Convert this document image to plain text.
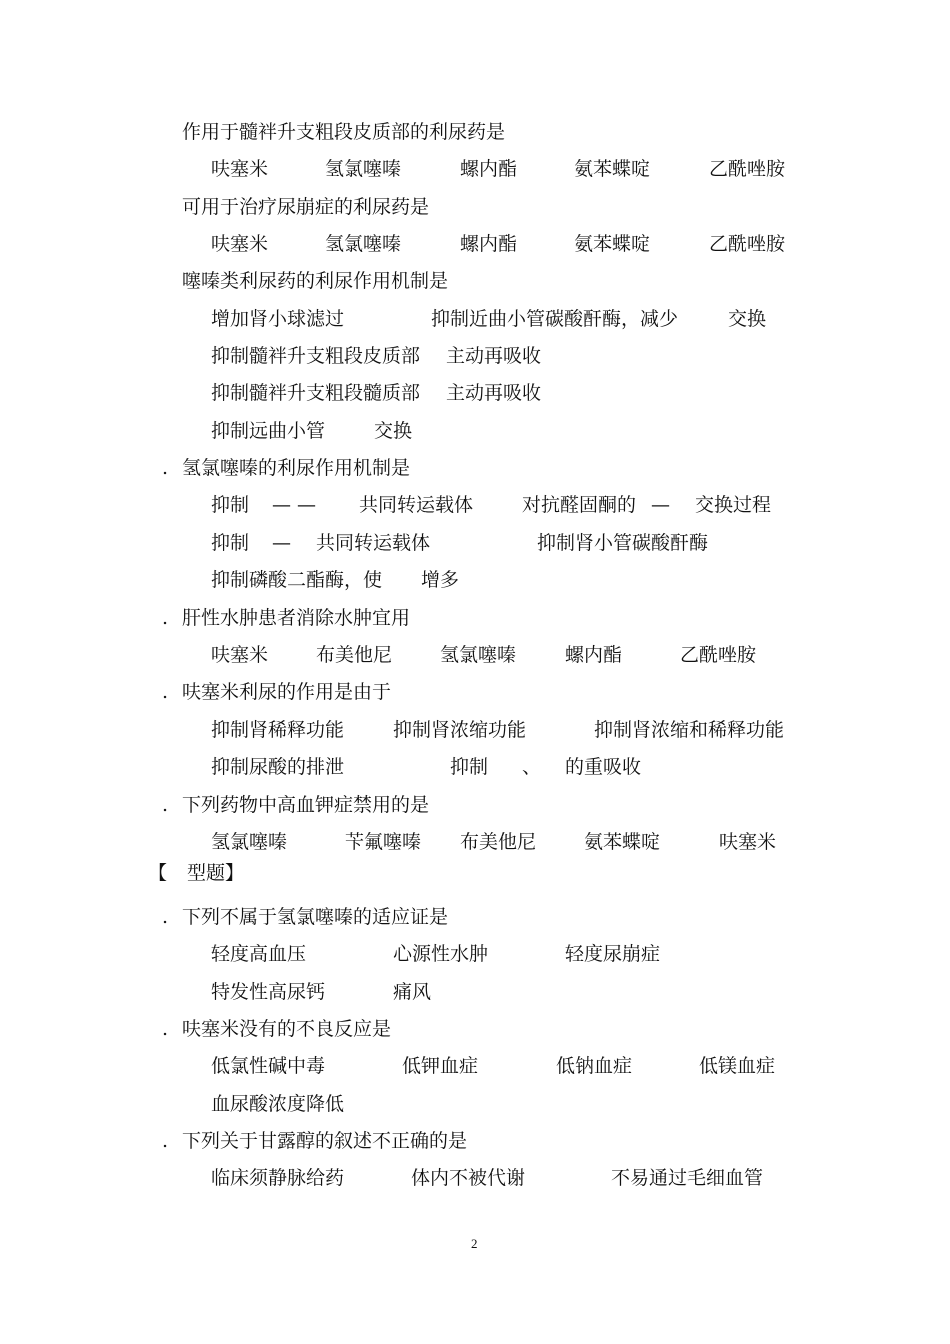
作用于髓袢升支粗段皮质部的利尿药是
呋塞米	氢氯噻嗪	螺内酯	氨苯蝶啶	乙酰唑胺
可用于治疗尿崩症的利尿药是
呋塞米	氢氯噻嗪	螺内酯	氨苯蝶啶	乙酰唑胺
噻嗪类利尿药的利尿作用机制是
增加肾小球滤过	抑制近曲小管碳酸酐酶，减少	交换
抑制髓袢升支粗段皮质部 主动再吸收
抑制髓袢升支粗段髓质部 主动再吸收
抑制远曲小管	交换
. 氢氯噻嗪的利尿作用机制是
抑制 — — 共同转运载体	对抗醛固酮的 — 交换过程
抑制 — 共同转运载体	抑制肾小管碳酸酐酶
抑制磷酸二酯酶，使 增多
. 肝性水肿患者消除水肿宜用
呋塞米	布美他尼	氢氯噻嗪	螺内酯	乙酰唑胺
. 呋塞米利尿的作用是由于
抑制肾稀释功能	抑制肾浓缩功能	抑制肾浓缩和稀释功能
抑制尿酸的排泄	抑制 、 的重吸收
. 下列药物中高血钾症禁用的是
氢氯噻嗪	苄氟噻嗪 布美他尼	氨苯蝶啶	呋塞米
【 型题】
. 下列不属于氢氯噻嗪的适应证是
轻度高血压	心源性水肿	轻度尿崩症
特发性高尿钙	痛风
. 呋塞米没有的不良反应是
低氯性碱中毒	低钾血症	低钠血症	低镁血症
血尿酸浓度降低
. 下列关于甘露醇的叙述不正确的是
临床须静脉给药	体内不被代谢	不易通过毛细血管
2
